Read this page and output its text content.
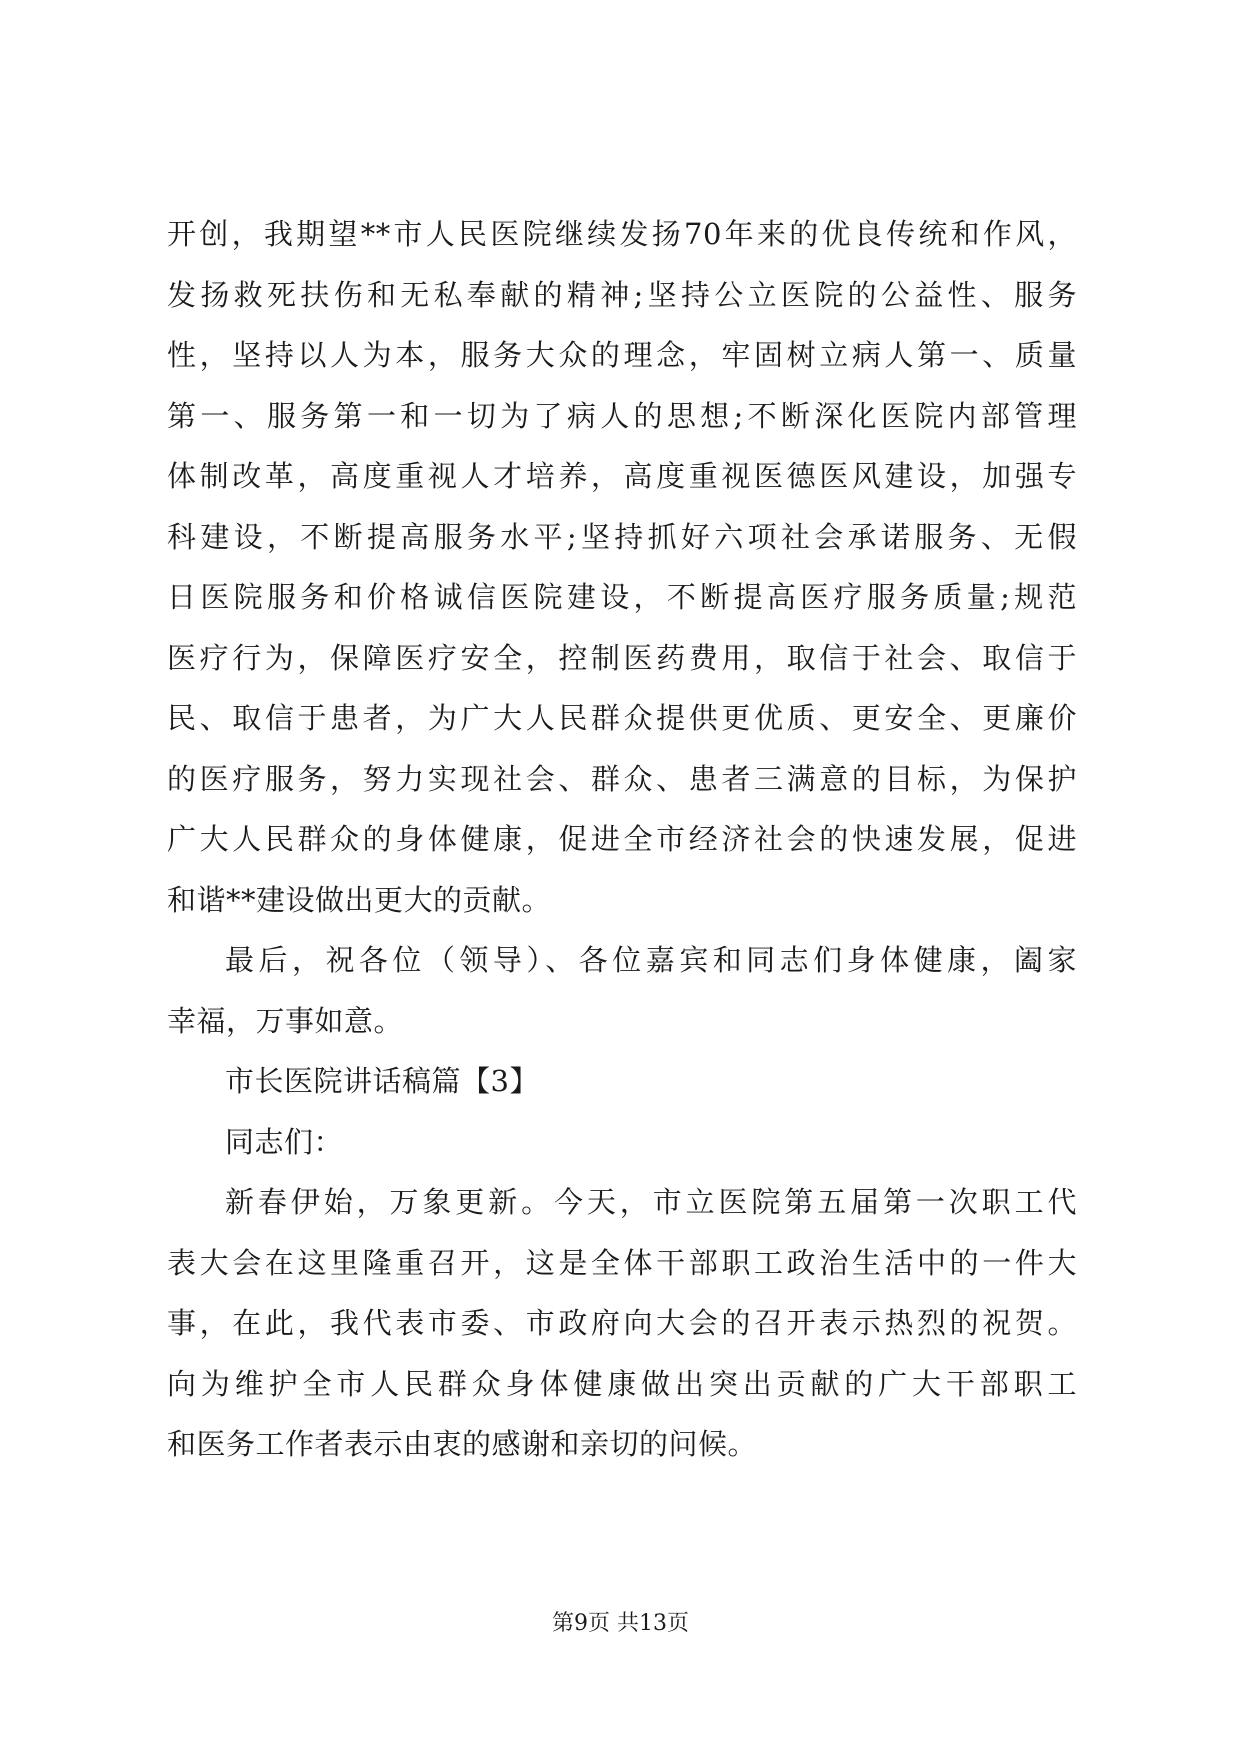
开创，我期望**市人民医院继续发扬70年来的优良传统和作风，
发扬救死扶伤和无私奉献的精神;坚持公立医院的公益性、服务
性，坚持以人为本，服务大众的理念，牢固树立病人第一、质量
第一、服务第一和一切为了病人的思想;不断深化医院内部管理
体制改革，高度重视人才培养，高度重视医德医风建设，加强专
科建设，不断提高服务水平;坚持抓好六项社会承诺服务、无假
日医院服务和价格诚信医院建设，不断提高医疗服务质量;规范
医疗行为，保障医疗安全，控制医药费用，取信于社会、取信于
民、取信于患者，为广大人民群众提供更优质、更安全、更廉价
的医疗服务，努力实现社会、群众、患者三满意的目标，为保护
广大人民群众的身体健康，促进全市经济社会的快速发展，促进
和谐**建设做出更大的贡献。
最后，祝各位（领导）、各位嘉宾和同志们身体健康，阖家
幸福，万事如意。
市长医院讲话稿篇【3】
同志们：
新春伊始，万象更新。今天，市立医院第五届第一次职工代
表大会在这里隆重召开，这是全体干部职工政治生活中的一件大
事，在此，我代表市委、市政府向大会的召开表示热烈的祝贺。
向为维护全市人民群众身体健康做出突出贡献的广大干部职工
和医务工作者表示由衷的感谢和亲切的问候。
第9页 共13页
